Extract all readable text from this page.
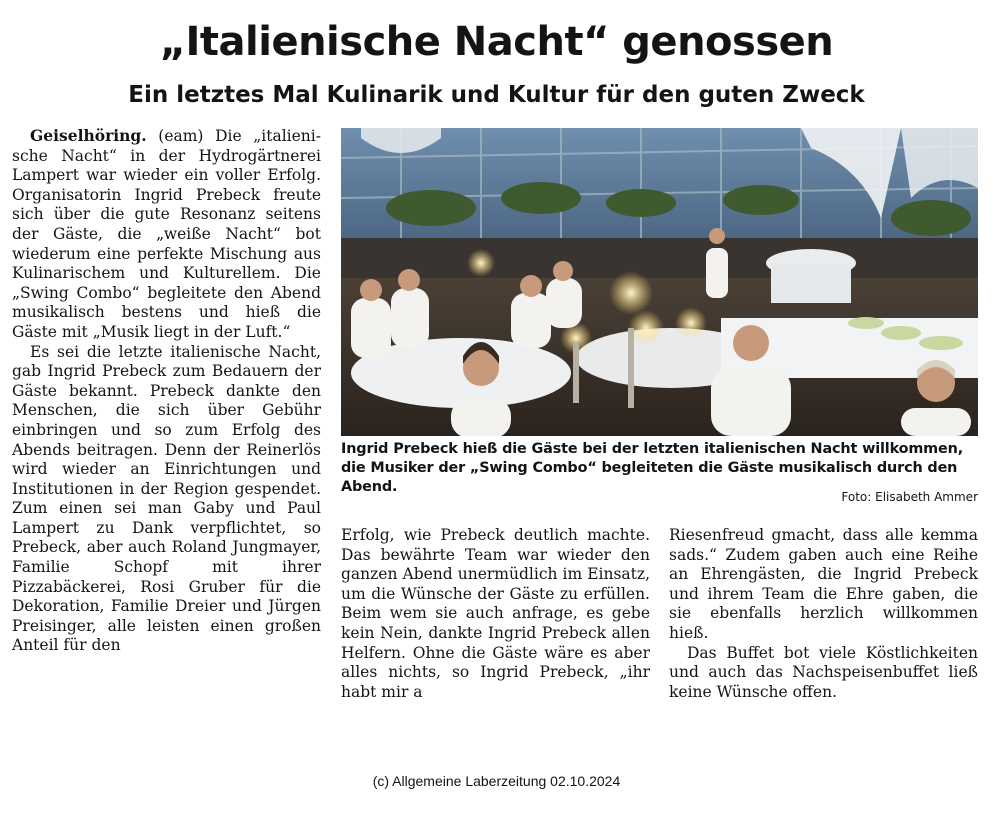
„Italienische Nacht“ genossen
Ein letztes Mal Kulinarik und Kultur für den guten Zweck

Geiselhöring. (eam) Die „italienische Nacht“ in der Hydrogärtnerei Lampert war wieder ein voller Erfolg. Organisatorin Ingrid Prebeck freute sich über die gute Resonanz seitens der Gäste, die „weiße Nacht“ bot wiederum eine perfekte Mischung aus Kulinarischem und Kulturellem. Die „Swing Combo“ begleitete den Abend musikalisch bestens und hieß die Gäste mit „Musik liegt in der Luft.“

Es sei die letzte italienische Nacht, gab Ingrid Prebeck zum Bedauern der Gäste bekannt. Prebeck dankte den Menschen, die sich über Gebühr einbringen und so zum Erfolg des Abends beitragen. Denn der Reinerlös wird wieder an Einrichtungen und Institutionen in der Region gespendet. Zum einen sei man Gaby und Paul Lampert zu Dank verpflichtet, so Prebeck, aber auch Roland Jungmayer, Familie Schopf mit ihrer Pizzabäckerei, Rosi Gruber für die Dekoration, Familie Dreier und Jürgen Preisinger, alle leisten einen großen Anteil für den

Ingrid Prebeck hieß die Gäste bei der letzten italienischen Nacht willkommen, die Musiker der „Swing Combo“ begleiteten die Gäste musikalisch durch den Abend.

Foto: Elisabeth Ammer

Erfolg, wie Prebeck deutlich machte. Das bewährte Team war wieder den ganzen Abend unermüdlich im Einsatz, um die Wünsche der Gäste zu erfüllen. Beim wem sie auch anfrage, es gebe kein Nein, dankte Ingrid Prebeck allen Helfern. Ohne die Gäste wäre es aber alles nichts, so Ingrid Prebeck, „ihr habt mir a

Riesenfreud gmacht, dass alle kemma sads.“ Zudem gaben auch eine Reihe an Ehrengästen, die Ingrid Prebeck und ihrem Team die Ehre gaben, die sie ebenfalls herzlich willkommen hieß.

Das Buffet bot viele Köstlichkeiten und auch das Nachspeisenbuffet ließ keine Wünsche offen.

(c) Allgemeine Laberzeitung 02.10.2024
